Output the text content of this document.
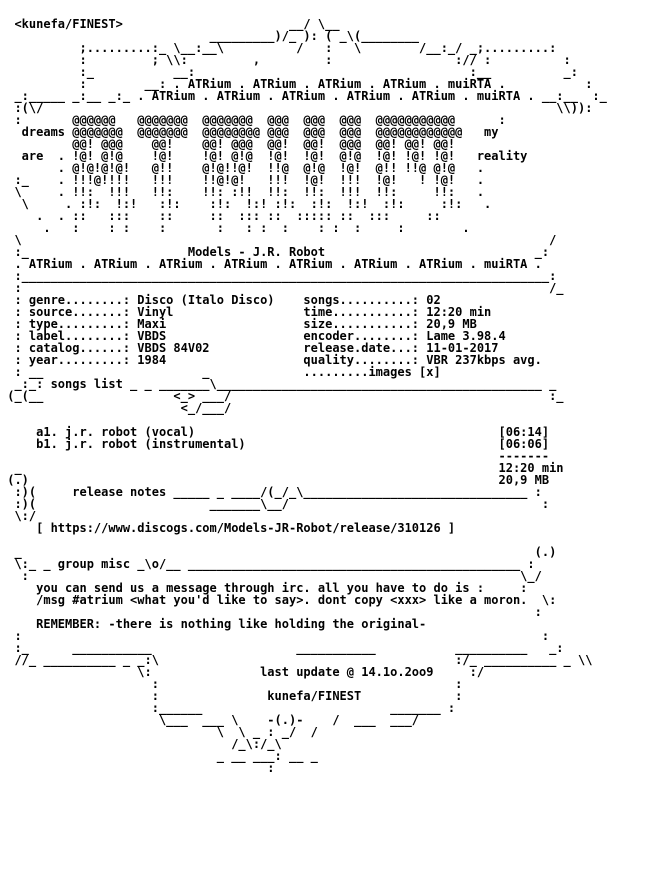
<kunefa/FINEST>                       __/ \__
_________)/_ ): ( _\(________
;.........:_ \__:__\          /   :   \        /__:_/ _;.........:
:         ; \\:         ,         :                 :// :          :
:_           __:                                      :__          _:
:        __: . ATRium . ATRium . ATRium . ATRium . muiRTA .           :
_:_____ _:__ _:_ . ATRium . ATRium . ATRium . ATRium . ATRium . muiRTA . __:__  :_
:(\/                                                                       \\)):
:       @@@@@@   @@@@@@@  @@@@@@@  @@@  @@@  @@@  @@@@@@@@@@@      :
dreams @@@@@@@  @@@@@@@  @@@@@@@@ @@@  @@@  @@@  @@@@@@@@@@@@   my
@@! @@@    @@!    @@! @@@  @@!  @@!  @@@  @@! @@! @@!
are  . !@! @!@    !@!    !@! @!@  !@!  !@!  @!@  !@! !@! !@!   reality
. @!@!@!@!   @!!    @!@!!@!  !!@  @!@  !@!  @!! !!@ @!@   .
:_    . !!!@!!!!   !!!    !!@!@!   !!!  !@!  !!!  !@!   ! !@!   .
\     . !!:  !!!   !!:    !!: :!!  !!:  !!:  !!!  !!:     !!:   .
\     . :!:  !:!   :!:    :!:  !:! :!:  :!:  !:!  :!:     :!:   .
.  . ::   :::    ::     ::  ::: ::  ::::: ::  :::     ::
.   :    : :    :       :   : :  :    : :  :     :        .
\                                                                         /
:_                      Models - J.R. Robot                             _:
. ATRium . ATRium . ATRium . ATRium . ATRium . ATRium . ATRium . muiRTA .
:_________________________________________________________________________:
:                                                                         /_
: genre........: Disco (Italo Disco)    songs..........: 02
: source.......: Vinyl                  time...........: 12:20 min
: type.........: Maxi                   size...........: 20,9 MB
: label........: VBDS                   encoder........: Lame 3.98.4
: catalog......: VBDS 84V02             release.date...: 11-01-2017
: year.........: 1984                   quality........: VBR 237kbps avg.
: __                      _             .........images [x]
_:_: songs list _ _ _______\_____________________________________________ _
(_(__                  <_> ___/                                            :_
<_/___/
a1. j.r. robot (vocal)                                          [06:14]
b1. j.r. robot (instrumental)                                   [06:06]
-------
_                                                                  12:20 min
(.)                                                                 20,9 MB
:)(     release notes _____ _ ____/(_/_\_______________________________ :
:)(                        _______\__/                                   :
\:/
[ https://www.discogs.com/Models-JR-Robot/release/310126 ]
_                                                                       (.)
\:_ _ group misc _\o/__ ______________________________________________ :
:                                                                    \_/
you can send us a message through irc. all you have to do is :     :
/msg #atrium <what you'd like to say>. dont copy <xxx> like a moron.  \:
:
REMEMBER: -there is nothing like holding the original-
:                                                                        :
:_      ___________                    ___________           __________   _:
//_ __________ _ _:\                                         :/_ __________ _ \\
\:               last update @ 14.1o.2oo9     :/
:                                         :
:               kunefa/FINEST             :
:______                          _______ :
\___  ___ \    -(.)-    /  ___  ___/
\  \ _ : _/  /
/_\:/_\
_ __ ___: __ _
:
